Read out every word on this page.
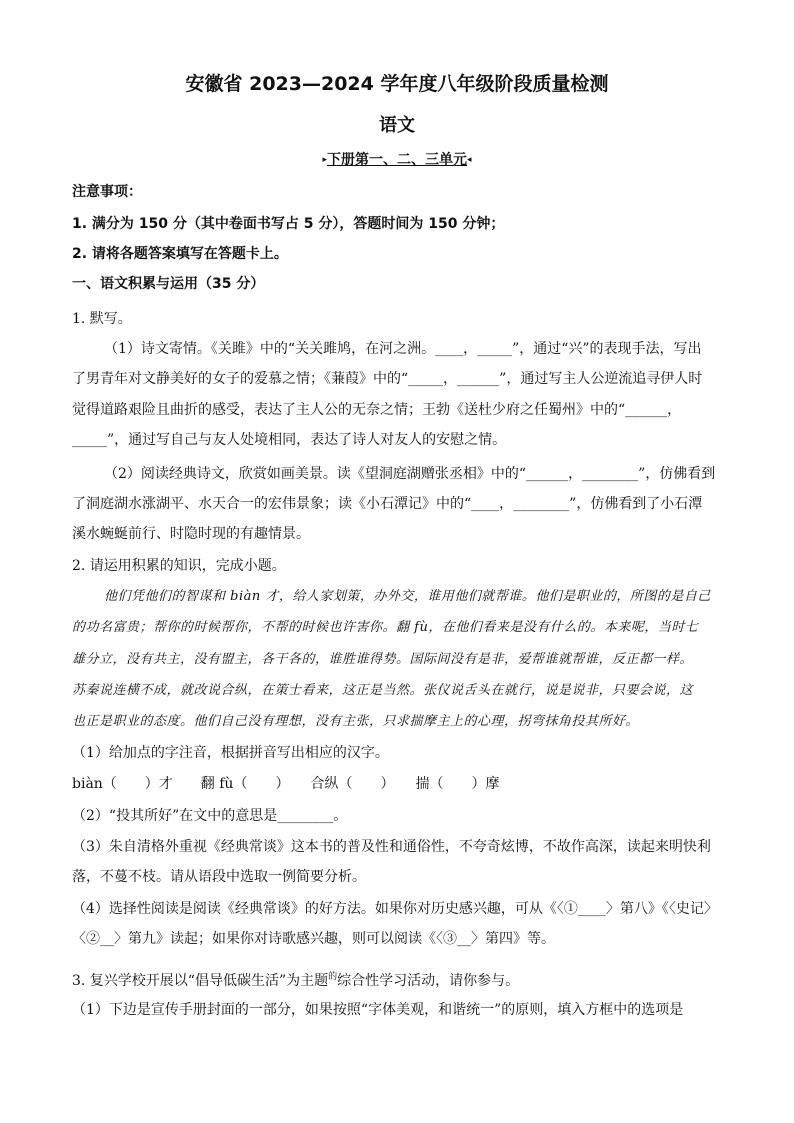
安徽省 2023—2024 学年度八年级阶段质量检测
语文
▸下册第一、二、三单元◂
注意事项：
1. 满分为 150 分（其中卷面书写占 5 分），答题时间为 150 分钟；
2. 请将各题答案填写在答题卡上。
一、语文积累与运用（35 分）
1. 默写。
（1）诗文寄情。《关雎》中的“关关雎鸠，在河之洲。____，_____”，通过“兴”的表现手法，写出
了男青年对文静美好的女子的爱慕之情；《蒹葭》中的“_____，______”，通过写主人公逆流追寻伊人时
觉得道路艰险且曲折的感受，表达了主人公的无奈之情；王勃《送杜少府之任蜀州》中的“______，
_____”，通过写自己与友人处境相同，表达了诗人对友人的安慰之情。
（2）阅读经典诗文，欣赏如画美景。读《望洞庭湖赠张丞相》中的“______，________”，仿佛看到
了洞庭湖水涨湖平、水天合一的宏伟景象；读《小石潭记》中的“____，________”，仿佛看到了小石潭
溪水蜿蜒前行、时隐时现的有趣情景。
2. 请运用积累的知识，完成小题。
他们凭他们的智谋和 biàn 才，给人家划策，办外交，谁用他们就帮谁。他们是职业的，所图的是自己
的功名富贵；帮你的时候帮你，不帮的时候也许害你。翻 fù，在他们看来是没有什么的。本来呢，当时七
雄分立，没有共主，没有盟主，各干各的，谁胜谁得势。国际间没有是非，爱帮谁就帮谁，反正都一样。
苏秦说连横不成，就改说合纵，在策士看来，这正是当然。张仪说舌头在就行，说是说非，只要会说，这
也正是职业的态度。他们自己没有理想，没有主张，只求揣摩主上的心理，拐弯抹角投其所好。
（1）给加点的字注音，根据拼音写出相应的汉字。
biàn（　　）才　　翻 fù（　　）　　合纵（　　）　　揣（　　）摩
（2）“投其所好”在文中的意思是________。
（3）朱自清格外重视《经典常谈》这本书的普及性和通俗性，不夸奇炫博，不故作高深，读起来明快利
落，不蔓不枝。请从语段中选取一例简要分析。
（4）选择性阅读是阅读《经典常谈》的好方法。如果你对历史感兴趣，可从《〈①____〉第八》《〈史记〉
〈②__〉第九》读起；如果你对诗歌感兴趣，则可以阅读《〈③__〉第四》等。
3. 复兴学校开展以“倡导低碳生活”为主题$^的$综合性学习活动，请你参与。
（1）下边是宣传手册封面的一部分，如果按照“字体美观，和谐统一”的原则，填入方框中的选项是
